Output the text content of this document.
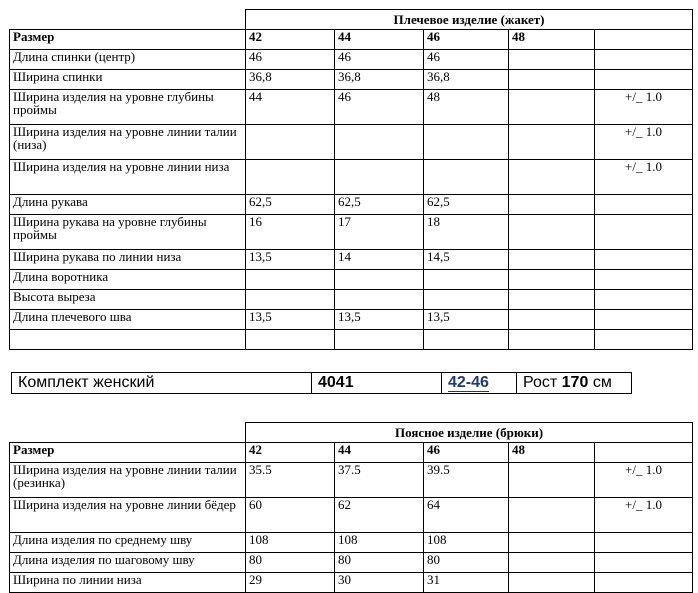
	Плечевое изделие (жакет)				
Размер	42	44	46	48	
Длина спинки (центр)	46	46	46		
Ширина спинки	36,8	36,8	36,8		
Ширина изделия на уровне глубины проймы	44	46	48		+/_ 1.0
Ширина изделия на уровне линии талии (низа)					+/_ 1.0
Ширина изделия на уровне линии низа					+/_ 1.0
Длина рукава	62,5	62,5	62,5		
Ширина рукава на уровне глубины проймы	16	17	18		
Ширина рукава по линии низа	13,5	14	14,5		
Длина воротника					
Высота выреза					
Длина плечевого шва	13,5	13,5	13,5		

Комплект женский	4041	42-46	Рост 170 см
	Поясное изделие (брюки)				
Размер	42	44	46	48	
Ширина изделия на уровне линии талии (резинка)	35.5	37.5	39.5		+/_ 1.0
Ширина изделия на уровне линии бёдер	60	62	64		+/_ 1.0
Длина изделия по среднему шву	108	108	108		
Длина изделия по шаговому шву	80	80	80		
Ширина по линии низа	29	30	31		
